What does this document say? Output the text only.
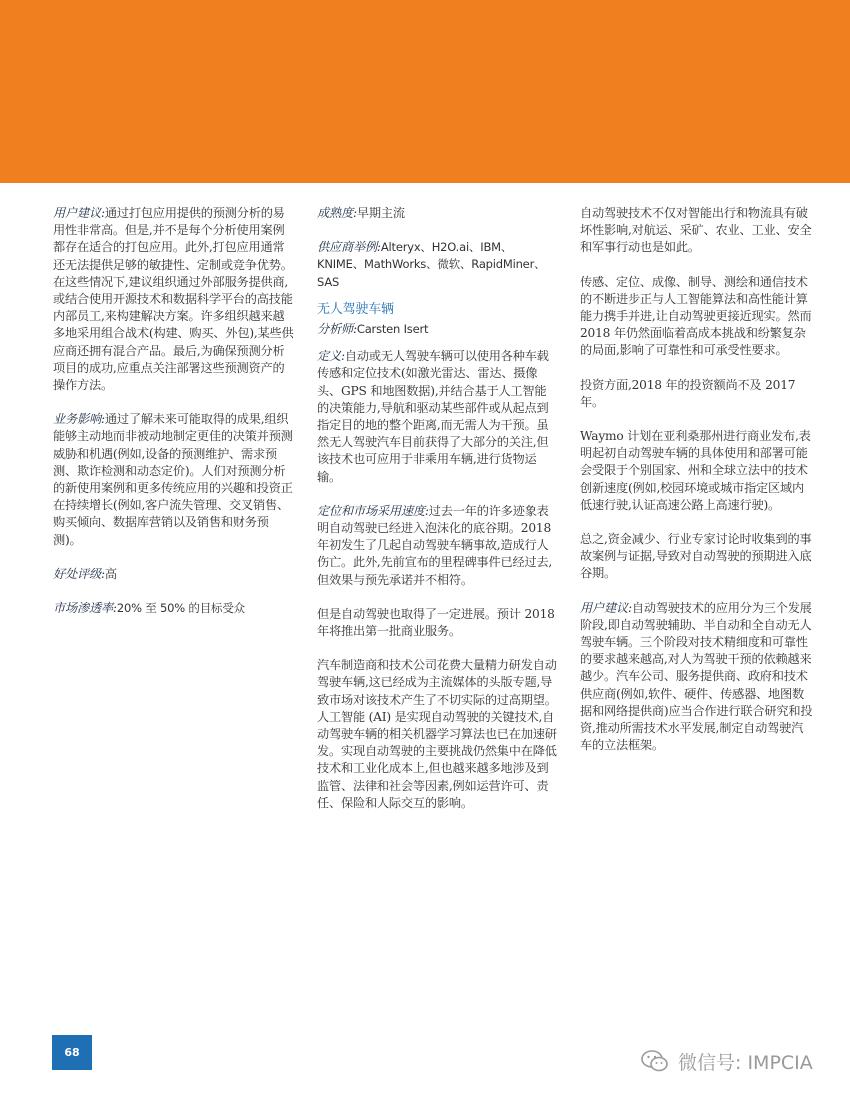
用户建议:通过打包应用提供的预测分析的易用性非常高。但是,并不是每个分析使用案例都存在适合的打包应用。此外,打包应用通常还无法提供足够的敏捷性、定制或竞争优势。在这些情况下,建议组织通过外部服务提供商,或结合使用开源技术和数据科学平台的高技能内部员工,来构建解决方案。许多组织越来越多地采用组合战术(构建、购买、外包),某些供应商还拥有混合产品。最后,为确保预测分析项目的成功,应重点关注部署这些预测资产的操作方法。

业务影响:通过了解未来可能取得的成果,组织能够主动地而非被动地制定更佳的决策并预测威胁和机遇(例如,设备的预测维护、需求预测、欺诈检测和动态定价)。人们对预测分析的新使用案例和更多传统应用的兴趣和投资正在持续增长(例如,客户流失管理、交叉销售、购买倾向、数据库营销以及销售和财务预测)。

好处评级:高

市场渗透率:20% 至 50% 的目标受众

成熟度:早期主流

供应商举例:Alteryx、H2O.ai、IBM、KNIME、MathWorks、微软、RapidMiner、SAS

无人驾驶车辆

分析师:Carsten Isert

定义:自动或无人驾驶车辆可以使用各种车载传感和定位技术(如激光雷达、雷达、摄像头、GPS 和地图数据),并结合基于人工智能的决策能力,导航和驱动某些部件或从起点到指定目的地的整个距离,而无需人为干预。虽然无人驾驶汽车目前获得了大部分的关注,但该技术也可应用于非乘用车辆,进行货物运输。

定位和市场采用速度:过去一年的许多迹象表明自动驾驶已经进入泡沫化的底谷期。2018 年初发生了几起自动驾驶车辆事故,造成行人伤亡。此外,先前宣布的里程碑事件已经过去,但效果与预先承诺并不相符。

但是自动驾驶也取得了一定进展。预计 2018 年将推出第一批商业服务。

汽车制造商和技术公司花费大量精力研发自动驾驶车辆,这已经成为主流媒体的头版专题,导致市场对该技术产生了不切实际的过高期望。人工智能 (AI) 是实现自动驾驶的关键技术,自动驾驶车辆的相关机器学习算法也已在加速研发。实现自动驾驶的主要挑战仍然集中在降低技术和工业化成本上,但也越来越多地涉及到监管、法律和社会等因素,例如运营许可、责任、保险和人际交互的影响。

自动驾驶技术不仅对智能出行和物流具有破坏性影响,对航运、采矿、农业、工业、安全和军事行动也是如此。

传感、定位、成像、制导、测绘和通信技术的不断进步正与人工智能算法和高性能计算能力携手并进,让自动驾驶更接近现实。然而 2018 年仍然面临着高成本挑战和纷繁复杂的局面,影响了可靠性和可承受性要求。

投资方面,2018 年的投资额尚不及 2017 年。

Waymo 计划在亚利桑那州进行商业发布,表明起初自动驾驶车辆的具体使用和部署可能会受限于个别国家、州和全球立法中的技术创新速度(例如,校园环境或城市指定区域内低速行驶,认证高速公路上高速行驶)。

总之,资金减少、行业专家讨论时收集到的事故案例与证据,导致对自动驾驶的预期进入底谷期。

用户建议:自动驾驶技术的应用分为三个发展阶段,即自动驾驶辅助、半自动和全自动无人驾驶车辆。三个阶段对技术精细度和可靠性的要求越来越高,对人为驾驶干预的依赖越来越少。汽车公司、服务提供商、政府和技术供应商(例如,软件、硬件、传感器、地图数据和网络提供商)应当合作进行联合研究和投资,推动所需技术水平发展,制定自动驾驶汽车的立法框架。

68	微信号: IMPCIA
